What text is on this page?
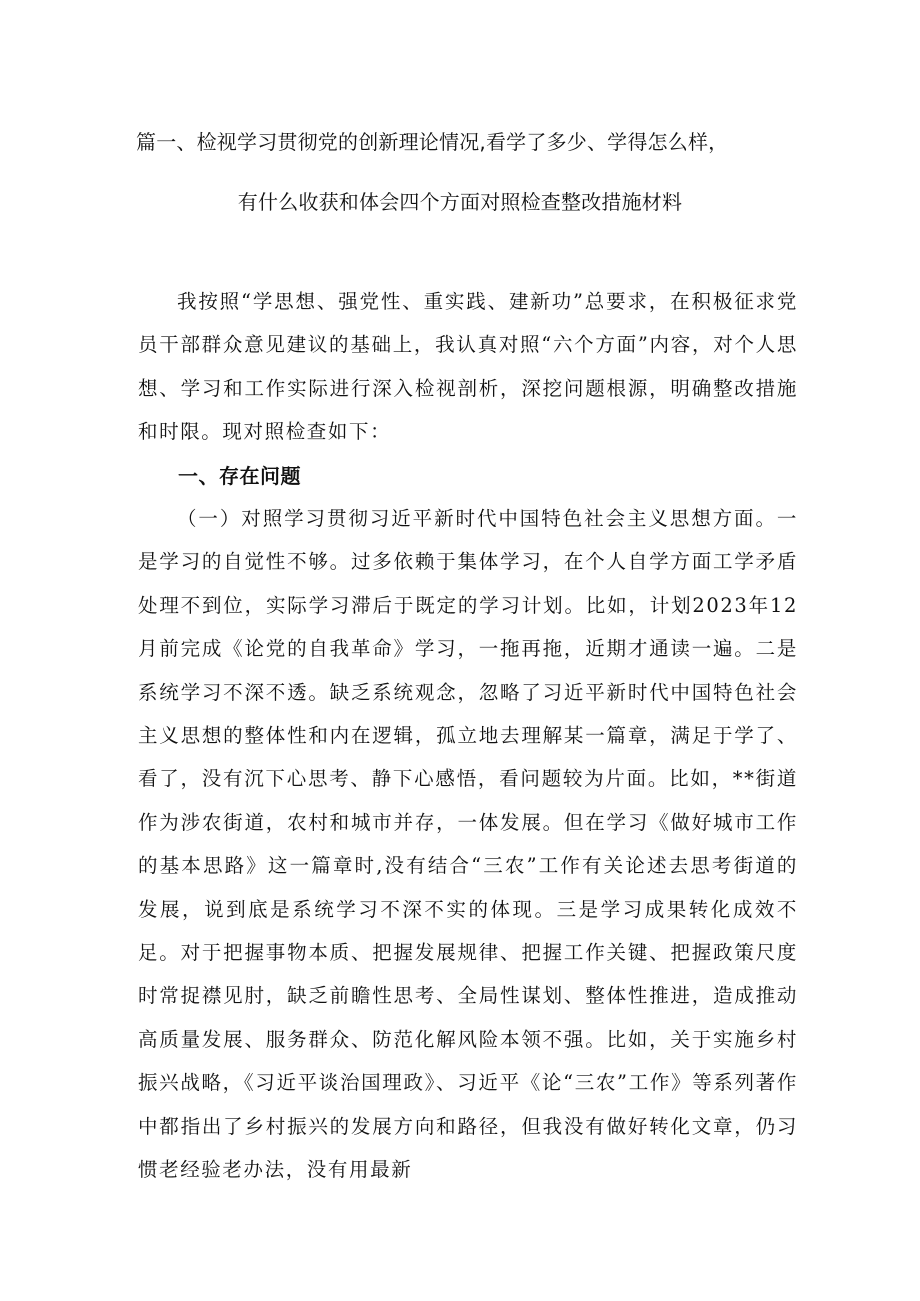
篇一、检视学习贯彻党的创新理论情况,看学了多少、学得怎么样，
有什么收获和体会四个方面对照检查整改措施材料

我按照“学思想、强党性、重实践、建新功”总要求，在积极征求党员干部群众意见建议的基础上，我认真对照“六个方面”内容，对个人思想、学习和工作实际进行深入检视剖析，深挖问题根源，明确整改措施和时限。现对照检查如下：

一、存在问题

（一）对照学习贯彻习近平新时代中国特色社会主义思想方面。一是学习的自觉性不够。过多依赖于集体学习，在个人自学方面工学矛盾处理不到位，实际学习滞后于既定的学习计划。比如，计划2023年12月前完成《论党的自我革命》学习，一拖再拖，近期才通读一遍。二是系统学习不深不透。缺乏系统观念，忽略了习近平新时代中国特色社会主义思想的整体性和内在逻辑，孤立地去理解某一篇章，满足于学了、看了，没有沉下心思考、静下心感悟，看问题较为片面。比如，**街道作为涉农街道，农村和城市并存，一体发展。但在学习《做好城市工作的基本思路》这一篇章时,没有结合“三农”工作有关论述去思考街道的发展，说到底是系统学习不深不实的体现。三是学习成果转化成效不足。对于把握事物本质、把握发展规律、把握工作关键、把握政策尺度时常捉襟见肘，缺乏前瞻性思考、全局性谋划、整体性推进，造成推动高质量发展、服务群众、防范化解风险本领不强。比如，关于实施乡村振兴战略，《习近平谈治国理政》、习近平《论“三农”工作》等系列著作中都指出了乡村振兴的发展方向和路径，但我没有做好转化文章，仍习惯老经验老办法，没有用最新
